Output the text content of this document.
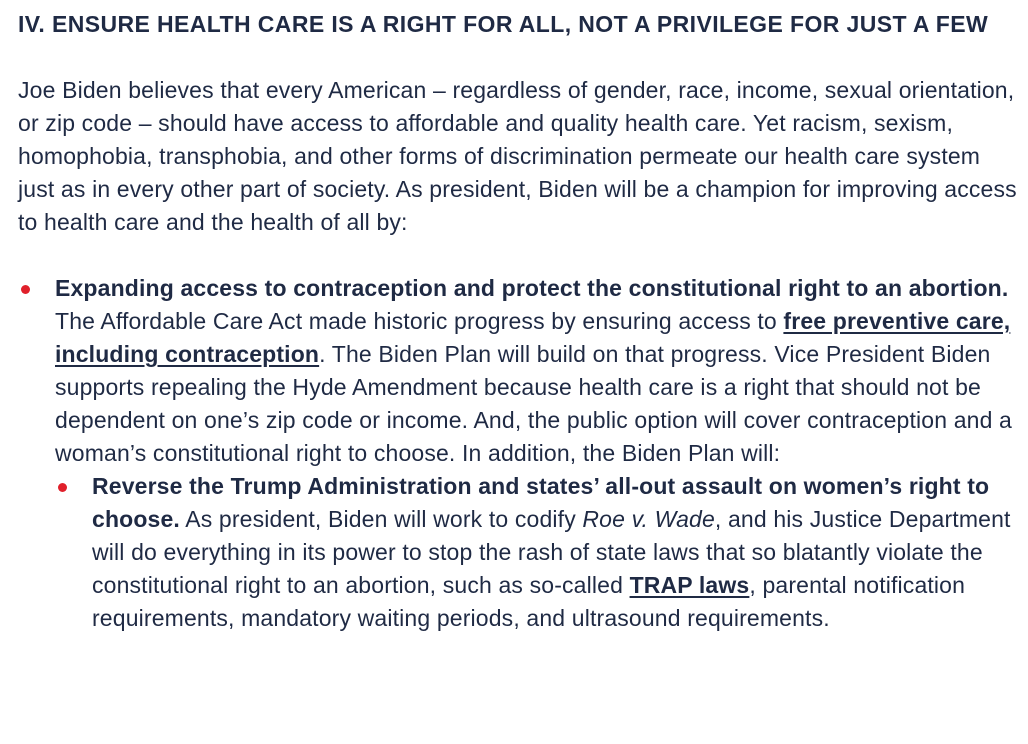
IV. ENSURE HEALTH CARE IS A RIGHT FOR ALL, NOT A PRIVILEGE FOR JUST A FEW

Joe Biden believes that every American – regardless of gender, race, income, sexual orientation, or zip code – should have access to affordable and quality health care. Yet racism, sexism, homophobia, transphobia, and other forms of discrimination permeate our health care system just as in every other part of society. As president, Biden will be a champion for improving access to health care and the health of all by:

Expanding access to contraception and protect the constitutional right to an abortion. The Affordable Care Act made historic progress by ensuring access to free preventive care, including contraception. The Biden Plan will build on that progress. Vice President Biden supports repealing the Hyde Amendment because health care is a right that should not be dependent on one’s zip code or income. And, the public option will cover contraception and a woman’s constitutional right to choose. In addition, the Biden Plan will:
Reverse the Trump Administration and states’ all-out assault on women’s right to choose. As president, Biden will work to codify Roe v. Wade, and his Justice Department will do everything in its power to stop the rash of state laws that so blatantly violate the constitutional right to an abortion, such as so-called TRAP laws, parental notification requirements, mandatory waiting periods, and ultrasound requirements.
